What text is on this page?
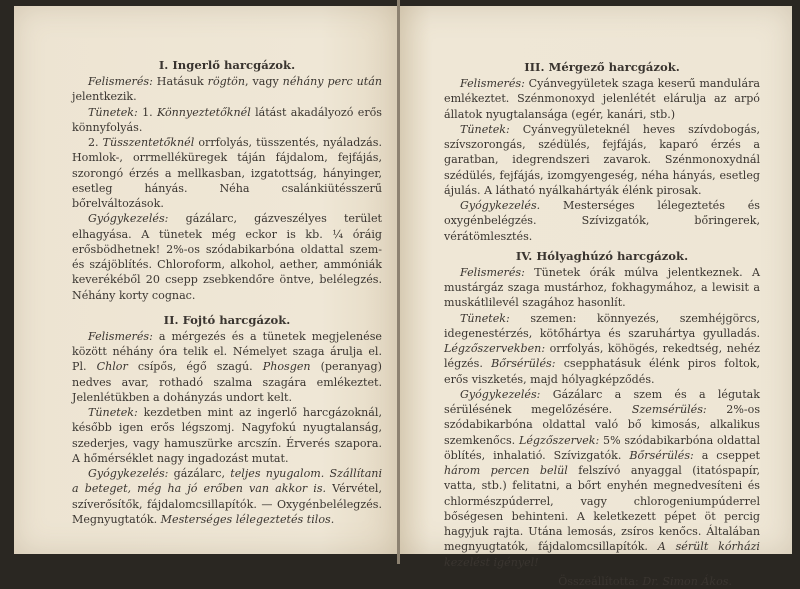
I. Ingerlő harcgázok.

Felismerés: Hatásuk rögtön, vagy néhány perc után jelentkezik.

Tünetek: 1. Könnyeztetőknél látást akadályozó erős könnyfolyás.

2. Tüsszentetőknél orrfolyás, tüsszentés, nyáladzás. Homlok-, orrmelléküregek táján fájdalom, fejfájás, szorongó érzés a mellkasban, izgatottság, hányinger, esetleg hányás. Néha csalánkiütésszerű bőrelváltozások.

Gyógykezelés: gázálarc, gázveszélyes terület elhagyása. A tünetek még eckor is kb. ¼ óráig erősbödhetnek! 2%-os szódabikarbóna oldattal szem- és szájöblítés. Chloroform, alkohol, aether, ammóniák keverékéből 20 csepp zsebkendőre öntve, belélegzés. Néhány korty cognac.

II. Fojtó harcgázok.

Felismerés: a mérgezés és a tünetek megjelenése között néhány óra telik el. Némelyet szaga árulja el. Pl. Chlor csípős, égő szagú. Phosgen (peranyag) nedves avar, rothadó szalma szagára emlékeztet. Jelenlétükben a dohányzás undort kelt.

Tünetek: kezdetben mint az ingerlő harcgázoknál, később igen erős légszomj. Nagyfokú nyugtalanság, szederjes, vagy hamuszürke arcszín. Érverés szapora. A hőmérséklet nagy ingadozást mutat.

Gyógykezelés: gázálarc, teljes nyugalom. Szállítani a beteget, még ha jó erőben van akkor is. Vérvétel, szíverősítők, fájdalomcsillapítók. — Oxygénbelélegzés. Megnyugtatók. Mesterséges lélegeztetés tilos.

III. Mérgező harcgázok.

Felismerés: Cyánvegyületek szaga keserű mandulára emlékeztet. Szénmonoxyd jelenlétét elárulja az arpó állatok nyugtalansága (egér, kanári, stb.)

Tünetek: Cyánvegyületeknél heves szívdobogás, szívszorongás, szédülés, fejfájás, kaparó érzés a garatban, idegrendszeri zavarok. Szénmonoxydnál szédülés, fejfájás, izomgyengeség, néha hányás, esetleg ájulás. A látható nyálkahártyák élénk pirosak.

Gyógykezelés. Mesterséges lélegeztetés és oxygénbelégzés. Szívizgatók, bőringerek, vérátömlesztés.

IV. Hólyaghúzó harcgázok.

Felismerés: Tünetek órák múlva jelentkeznek. A mustárgáz szaga mustárhoz, fokhagymához, a lewisit a muskátlilevél szagához hasonlít.

Tünetek: szemen: könnyezés, szemhéjgörcs, idegenestérzés, kötőhártya és szaruhártya gyulladás. Légzőszervekben: orrfolyás, köhögés, rekedtség, nehéz légzés. Bőrsérülés: csepphatásuk élénk piros foltok, erős viszketés, majd hólyagképződés.

Gyógykezelés: Gázálarc a szem és a légutak sérülésének megelőzésére. Szemsérülés: 2%-os szódabikarbóna oldattal való bő kimosás, alkalikus szemkenőcs. Légzőszervek: 5% szódabikarbóna oldattal öblítés, inhalatió. Szívizgatók. Bőrsérülés: a cseppet három percen belül felszívó anyaggal (itatóspapír, vatta, stb.) felitatni, a bőrt enyhén megnedvesíteni és chlormészpúderrel, vagy chlorogeniumpúderrel bőségesen behinteni. A keletkezett pépet öt percig hagyjuk rajta. Utána lemosás, zsíros kenőcs. Általában megnyugtatók, fájdalomcsillapítók. A sérült kórházi kezelést igényel!

Összeállította: Dr. Simon Ákos.
